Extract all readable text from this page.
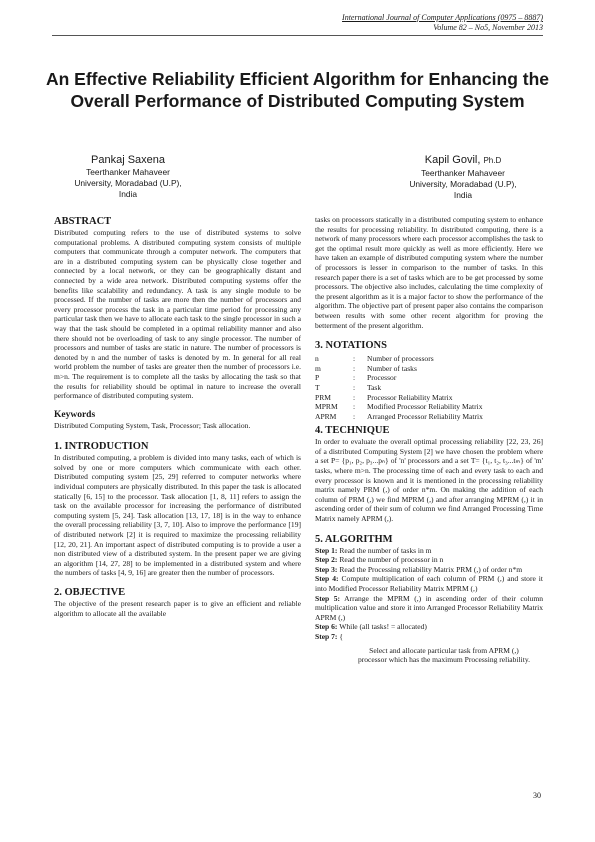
International Journal of Computer Applications (0975 – 8887)
Volume 82 – No5, November 2013
An Effective Reliability Efficient Algorithm for Enhancing the Overall Performance of Distributed Computing System
Pankaj Saxena
Teerthanker Mahaveer
University, Moradabad (U.P),
India
Kapil Govil, Ph.D
Teerthanker Mahaveer
University, Moradabad (U.P),
India
ABSTRACT

Distributed computing refers to the use of distributed systems to solve computational problems. A distributed computing system consists of multiple computers that communicate through a computer network. The computers that are in a distributed computing system can be physically close together and connected by a local network, or they can be geographically distant and connected by a wide area network. Distributed computing systems offer the benefits like scalability and redundancy. A task is any single module to be processed. If the number of tasks are more then the number of processors and every processor process the task in a particular time period for processing any particular task then we have to allocate each task to the single processor in such a way that the task should be completed in a optimal reliability manner and also there should not be overloading of task to any single processor. The number of processors and number of tasks are static in nature. The number of processors is denoted by n and the number of tasks is denoted by m. In general for all real world problem the number of tasks are greater then the number of processors i.e. m>n. The requirement is to complete all the tasks by allocating the task so that the results for reliability should be optimal in nature to increase the overall performance of distributed computing system.

Keywords

Distributed Computing System, Task, Processor; Task allocation.

1. INTRODUCTION

In distributed computing, a problem is divided into many tasks, each of which is solved by one or more computers which communicate with each other. Distributed computing system [25, 29] referred to computer networks where individual computers are physically distributed. In this paper the task is allocated statically [6, 15] to the processor. Task allocation [1, 8, 11] refers to assign the task on the available processor for increasing the performance of distributed computing system [5, 24]. Task allocation [13, 17, 18] is in the way to enhance the overall processing reliability [3, 7, 10]. Also to improve the performance [19] of distributed network [2] it is required to maximize the processing reliability [12, 20, 21]. An important aspect of distributed computing is to provide a user a non distributed view of a distributed system. In the present paper we are giving an algorithm [14, 27, 28] to be implemented in a distributed system and where the numbers of tasks [4, 9, 16] are greater then the number of processors.

2. OBJECTIVE

The objective of the present research paper is to give an efficient and reliable algorithm to allocate all the available

tasks on processors statically in a distributed computing system to enhance the results for processing reliability. In distributed computing, there is a network of many processors where each processor accomplishes the task to get the optimal result more quickly as well as more efficiently. Here we have taken an example of distributed computing system where the number of processors is lesser in comparison to the number of tasks. In this research paper there is a set of tasks which are to be get processed by some processors. The objective also includes, calculating the time complexity of the present algorithm as it is a major factor to show the performance of the algorithm. The objective part of present paper also contains the comparison between results with some other recent algorithm for proving the betterment of the present algorithm.

3. NOTATIONS
n	:	Number of processors
m	:	Number of tasks
P	:	Processor
T	:	Task
PRM	:	Processor Reliability Matrix
MPRM	:	Modified Processor Reliability Matrix
APRM	:	Arranged Processor Reliability Matrix
4. TECHNIQUE

In order to evaluate the overall optimal processing reliability [22, 23, 26] of a distributed Computing System [2] we have chosen the problem where a set P= {p₁, p₂, p₃...pₙ} of 'n' processors and a set T= {t₁, t₂, t₃...tₘ} of 'm' tasks, where m>n. The processing time of each and every task to each and every processor is known and it is mentioned in the processing reliability matrix namely PRM (,) of order n*m. On making the addition of each column of PRM (,) we find MPRM (,) and after arranging MPRM (,) it in ascending order of their sum of column we find Arranged Processing Time Matrix namely APRM (,).

5. ALGORITHM

Step 1: Read the number of tasks in m

Step 2: Read the number of processor in n

Step 3: Read the Processing reliability Matrix PRM (,) of order n*m

Step 4: Compute multiplication of each column of PRM (,) and store it into Modified Processor Reliability Matrix MPRM (,)

Step 5: Arrange the MPRM (,) in ascending order of their column multiplication value and store it into Arranged Processor Reliability Matrix APRM (,)

Step 6: While (all tasks! = allocated)

Step 7: {

Select and allocate particular task from APRM (,) processor which has the maximum Processing reliability.

30
